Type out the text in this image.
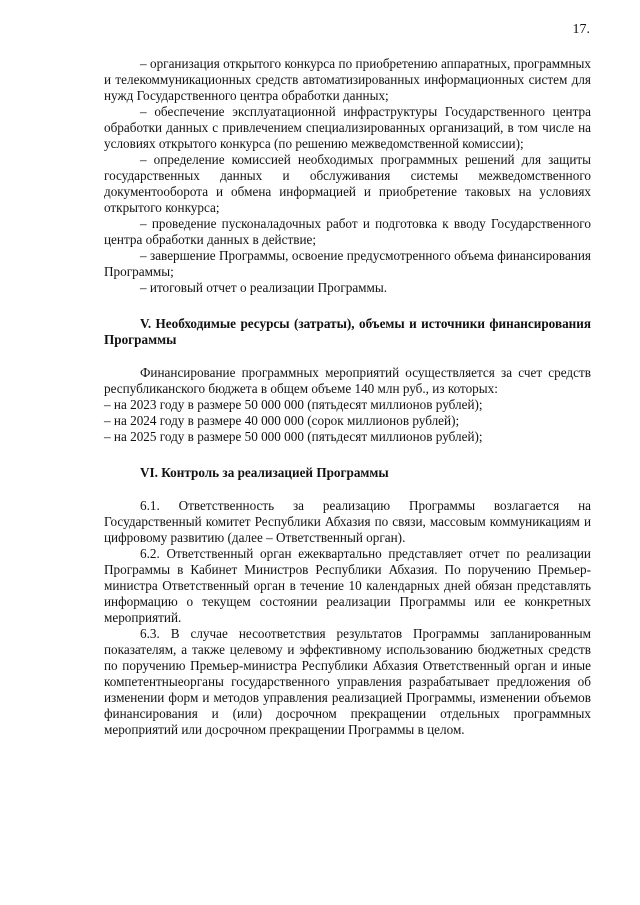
17.

– организация открытого конкурса по приобретению аппаратных, программных и телекоммуникационных средств автоматизированных информационных систем для нужд Государственного центра обработки данных;

– обеспечение эксплуатационной инфраструктуры Государственного центра обработки данных с привлечением специализированных организаций, в том числе на условиях открытого конкурса (по решению межведомственной комиссии);

– определение комиссией необходимых программных решений для защиты государственных данных и обслуживания системы межведомственного документооборота и обмена информацией и приобретение таковых на условиях открытого конкурса;

– проведение пусконаладочных работ и подготовка к вводу Государственного центра обработки данных в действие;

– завершение Программы, освоение предусмотренного объема финансирования Программы;

– итоговый отчет о реализации Программы.

V. Необходимые ресурсы (затраты), объемы и источники финансирования Программы

Финансирование программных мероприятий осуществляется за счет средств республиканского бюджета в общем объеме 140 млн руб., из которых:

– на 2023 году в размере 50 000 000 (пятьдесят миллионов рублей);

– на 2024 году в размере 40 000 000 (сорок миллионов рублей);

– на 2025 году в размере 50 000 000 (пятьдесят миллионов рублей);

VI. Контроль за реализацией Программы

6.1. Ответственность за реализацию Программы возлагается на Государственный комитет Республики Абхазия по связи, массовым коммуникациям и цифровому развитию (далее – Ответственный орган).

6.2. Ответственный орган ежеквартально представляет отчет по реализации Программы в Кабинет Министров Республики Абхазия. По поручению Премьер-министра Ответственный орган в течение 10 календарных дней обязан представлять информацию о текущем состоянии реализации Программы или ее конкретных мероприятий.

6.3. В случае несоответствия результатов Программы запланированным показателям, а также целевому и эффективному использованию бюджетных средств по поручению Премьер-министра Республики Абхазия Ответственный орган и иные компетентныеорганы государственного управления разрабатывает предложения об изменении форм и методов управления реализацией Программы, изменении объемов финансирования и (или) досрочном прекращении отдельных программных мероприятий или досрочном прекращении Программы в целом.
